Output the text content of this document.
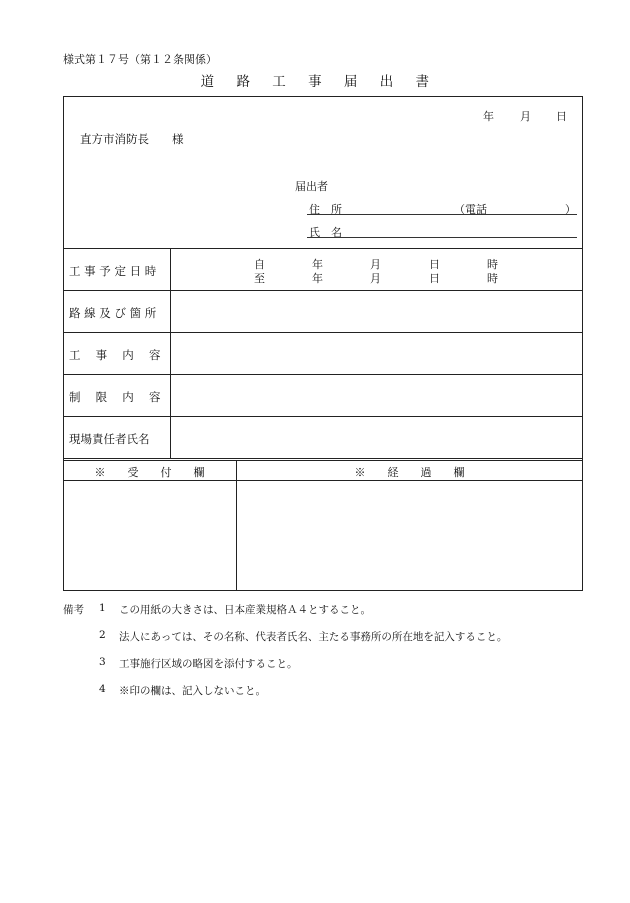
様式第１７号（第１２条関係）
道 路 工 事 届 出 書
年 月 日
直方市消防長 様
届出者
住　所	（電話	）
氏　名
工 事 予 定 日 時	自	年	月	日	時
至	年	月	日	時
路 線 及 び 箇 所
工　 事　 内　 容
制　 限　 内　 容
現場責任者氏名
※　　受　　付　　欄	※　　経　　過　　欄
備考 1 この用紙の大きさは、日本産業規格Ａ４とすること。
2 法人にあっては、その名称、代表者氏名、主たる事務所の所在地を記入すること。
3 工事施行区域の略図を添付すること。
4 ※印の欄は、記入しないこと。
